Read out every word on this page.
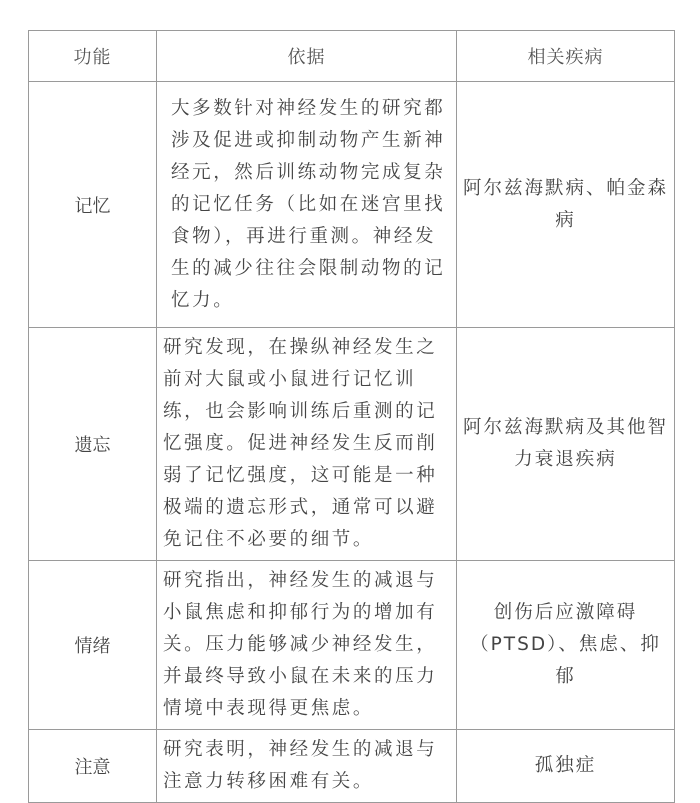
功能	依据	相关疾病
记忆	大多数针对神经发生的研究都涉及促进或抑制动物产生新神经元，然后训练动物完成复杂的记忆任务（比如在迷宫里找食物），再进行重测。神经发生的减少往往会限制动物的记忆力。	阿尔兹海默病、帕金森病

遗忘	研究发现，在操纵神经发生之前对大鼠或小鼠进行记忆训练，也会影响训练后重测的记忆强度。促进神经发生反而削弱了记忆强度，这可能是一种极端的遗忘形式，通常可以避免记住不必要的细节。	阿尔兹海默病及其他智力衰退疾病

情绪	研究指出，神经发生的减退与小鼠焦虑和抑郁行为的增加有关。压力能够减少神经发生，并最终导致小鼠在未来的压力情境中表现得更焦虑。	创伤后应激障碍（PTSD）、焦虑、抑郁

注意	研究表明，神经发生的减退与注意力转移困难有关。	孤独症
